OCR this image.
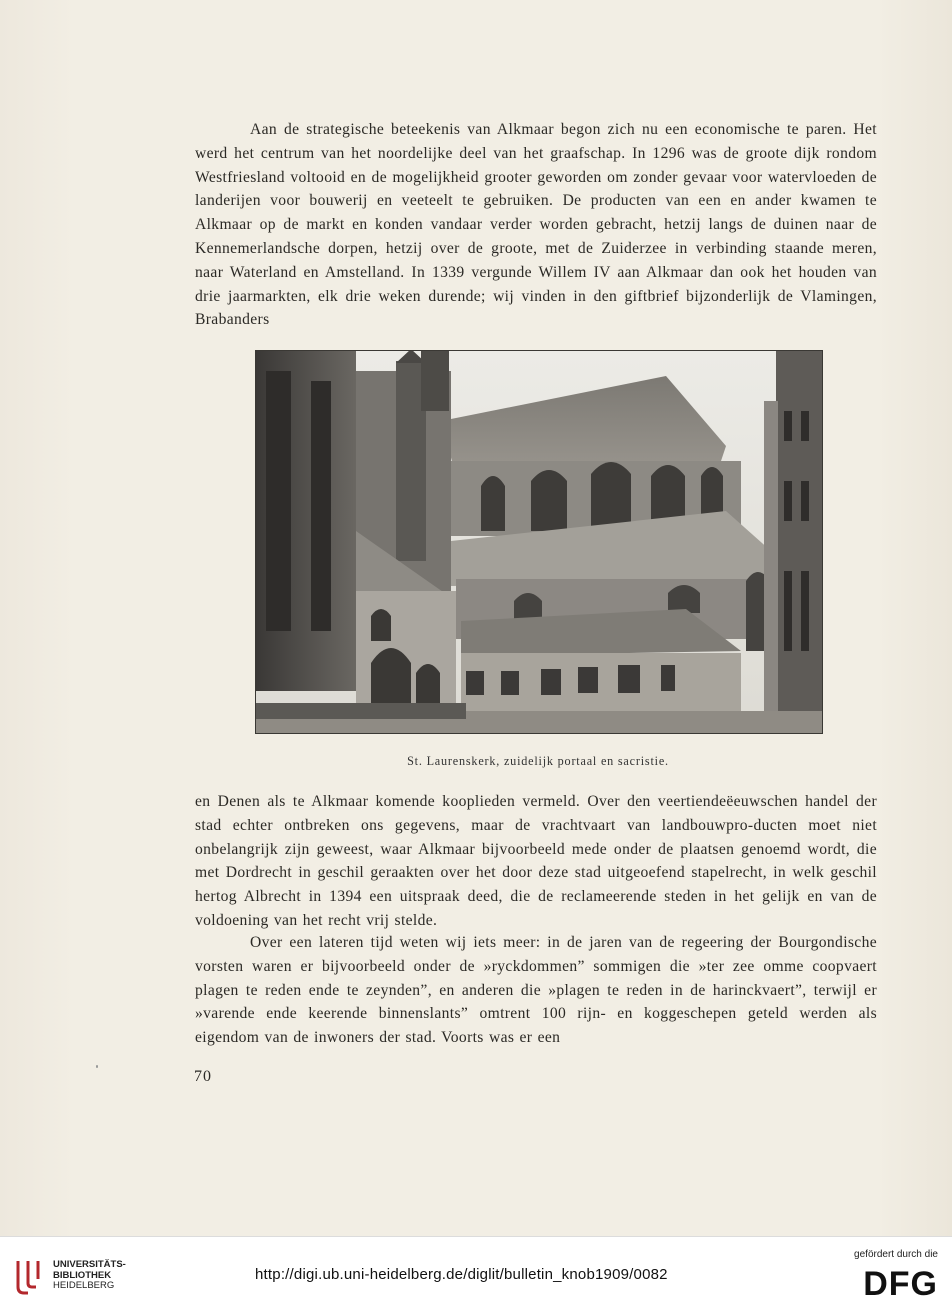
Aan de strategische beteekenis van Alkmaar begon zich nu een economische te paren. Het werd het centrum van het noordelijke deel van het graafschap. In 1296 was de groote dijk rondom Westfriesland voltooid en de mogelijkheid grooter geworden om zonder gevaar voor watervloeden de landerijen voor bouwerij en veeteelt te gebruiken. De producten van een en ander kwamen te Alkmaar op de markt en konden vandaar verder worden gebracht, hetzij langs de duinen naar de Kennemerlandsche dorpen, hetzij over de groote, met de Zuiderzee in verbinding staande meren, naar Waterland en Amstelland. In 1339 vergunde Willem IV aan Alkmaar dan ook het houden van drie jaarmarkten, elk drie weken durende; wij vinden in den giftbrief bijzonderlijk de Vlamingen, Brabanders

St. Laurenskerk, zuidelijk portaal en sacristie.

en Denen als te Alkmaar komende kooplieden vermeld. Over den veertiendeëeuwschen handel der stad echter ontbreken ons gegevens, maar de vrachtvaart van landbouwpro-ducten moet niet onbelangrijk zijn geweest, waar Alkmaar bijvoorbeeld mede onder de plaatsen genoemd wordt, die met Dordrecht in geschil geraakten over het door deze stad uitgeoefend stapelrecht, in welk geschil hertog Albrecht in 1394 een uitspraak deed, die de reclameerende steden in het gelijk en van de voldoening van het recht vrij stelde.

Over een lateren tijd weten wij iets meer: in de jaren van de regeering der Bourgondische vorsten waren er bijvoorbeeld onder de »ryckdommen” sommigen die »ter zee omme coopvaert plagen te reden ende te zeynden”, en anderen die »plagen te reden in de harinckvaert”, terwijl er »varende ende keerende binnenslants” omtrent 100 rijn- en koggeschepen geteld werden als eigendom van de inwoners der stad. Voorts was er een

70
UNIVERSITÄTS-
BIBLIOTHEK
HEIDELBERG
http://digi.ub.uni-heidelberg.de/diglit/bulletin_knob1909/0082
gefördert durch die
DFG
